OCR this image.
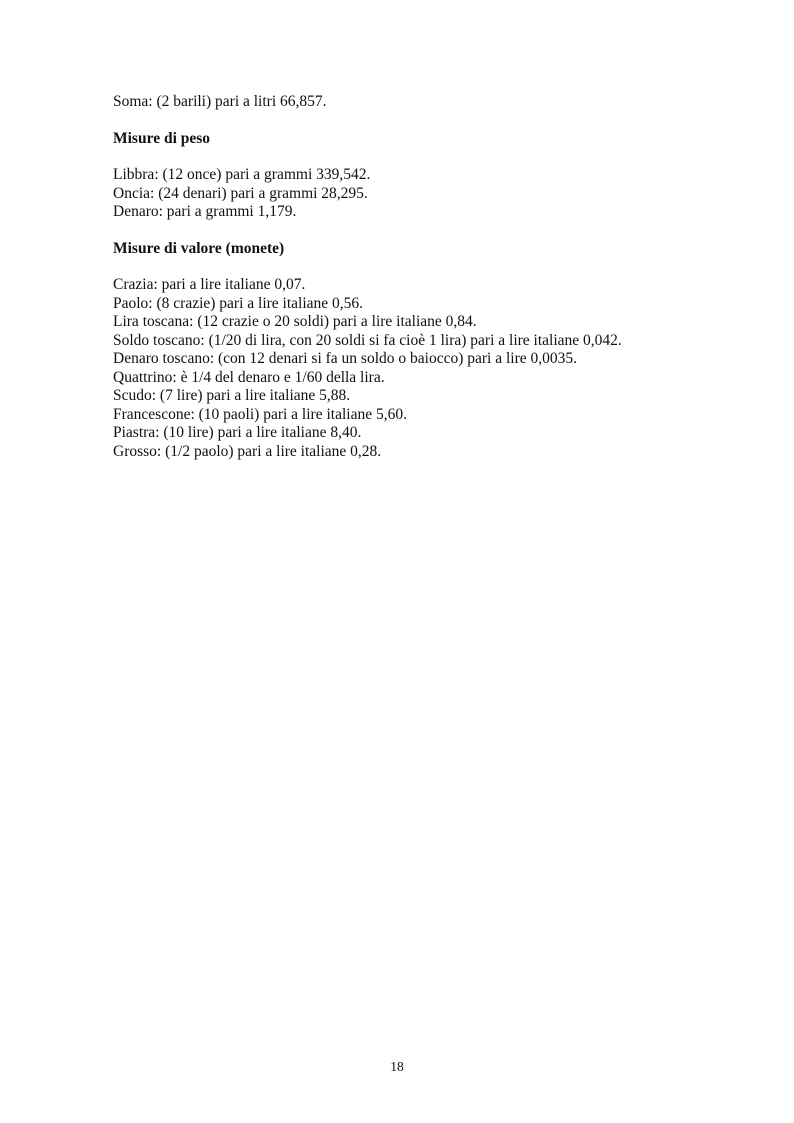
Soma: (2 barili) pari a litri 66,857.
Misure di peso
Libbra: (12 once) pari a grammi 339,542.
Oncia: (24 denari) pari a grammi 28,295.
Denaro: pari a grammi 1,179.
Misure di valore (monete)
Crazia: pari a lire italiane 0,07.
Paolo: (8 crazie) pari a lire italiane 0,56.
Lira toscana: (12 crazie o 20 soldi) pari a lire italiane 0,84.
Soldo toscano: (1/20 di lira, con 20 soldi si fa cioè 1 lira) pari a lire italiane 0,042.
Denaro toscano: (con 12 denari si fa un soldo o baiocco) pari a lire 0,0035.
Quattrino: è 1/4 del denaro e 1/60 della lira.
Scudo: (7 lire) pari a lire italiane 5,88.
Francescone: (10 paoli) pari a lire italiane 5,60.
Piastra: (10 lire) pari a lire italiane 8,40.
Grosso: (1/2 paolo) pari a lire italiane 0,28.
18
